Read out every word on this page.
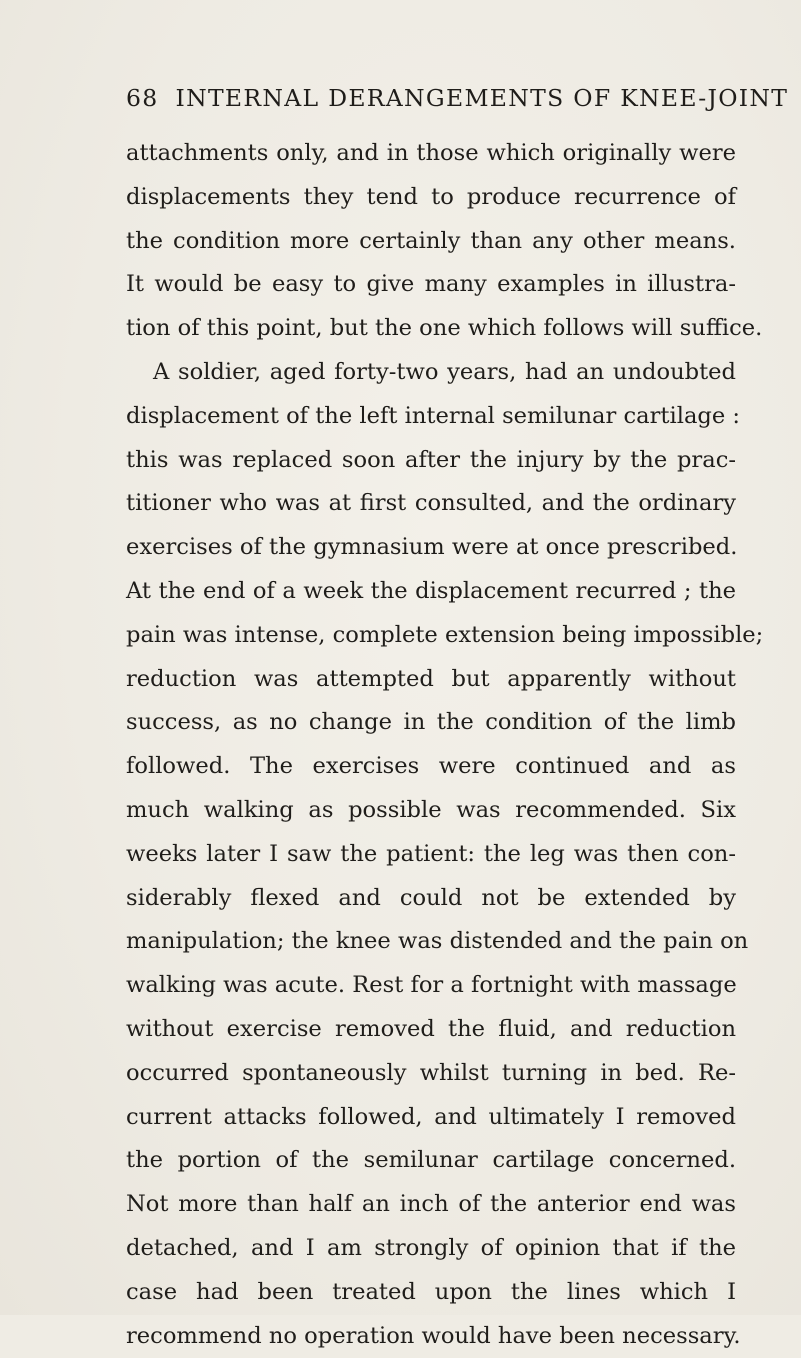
68 INTERNAL DERANGEMENTS OF KNEE-JOINT
attachments only, and in those which originally were
displacements they tend to produce recurrence of
the condition more certainly than any other means.
It would be easy to give many examples in illustra-
tion of this point, but the one which follows will suffice.
A soldier, aged forty-two years, had an undoubted
displacement of the left internal semilunar cartilage :
this was replaced soon after the injury by the prac-
titioner who was at first consulted, and the ordinary
exercises of the gymnasium were at once prescribed.
At the end of a week the displacement recurred ; the
pain was intense, complete extension being impossible;
reduction was attempted but apparently without
success, as no change in the condition of the limb
followed. The exercises were continued and as
much walking as possible was recommended. Six
weeks later I saw the patient: the leg was then con-
siderably flexed and could not be extended by
manipulation; the knee was distended and the pain on
walking was acute. Rest for a fortnight with massage
without exercise removed the fluid, and reduction
occurred spontaneously whilst turning in bed. Re-
current attacks followed, and ultimately I removed
the portion of the semilunar cartilage concerned.
Not more than half an inch of the anterior end was
detached, and I am strongly of opinion that if the
case had been treated upon the lines which I
recommend no operation would have been necessary.
